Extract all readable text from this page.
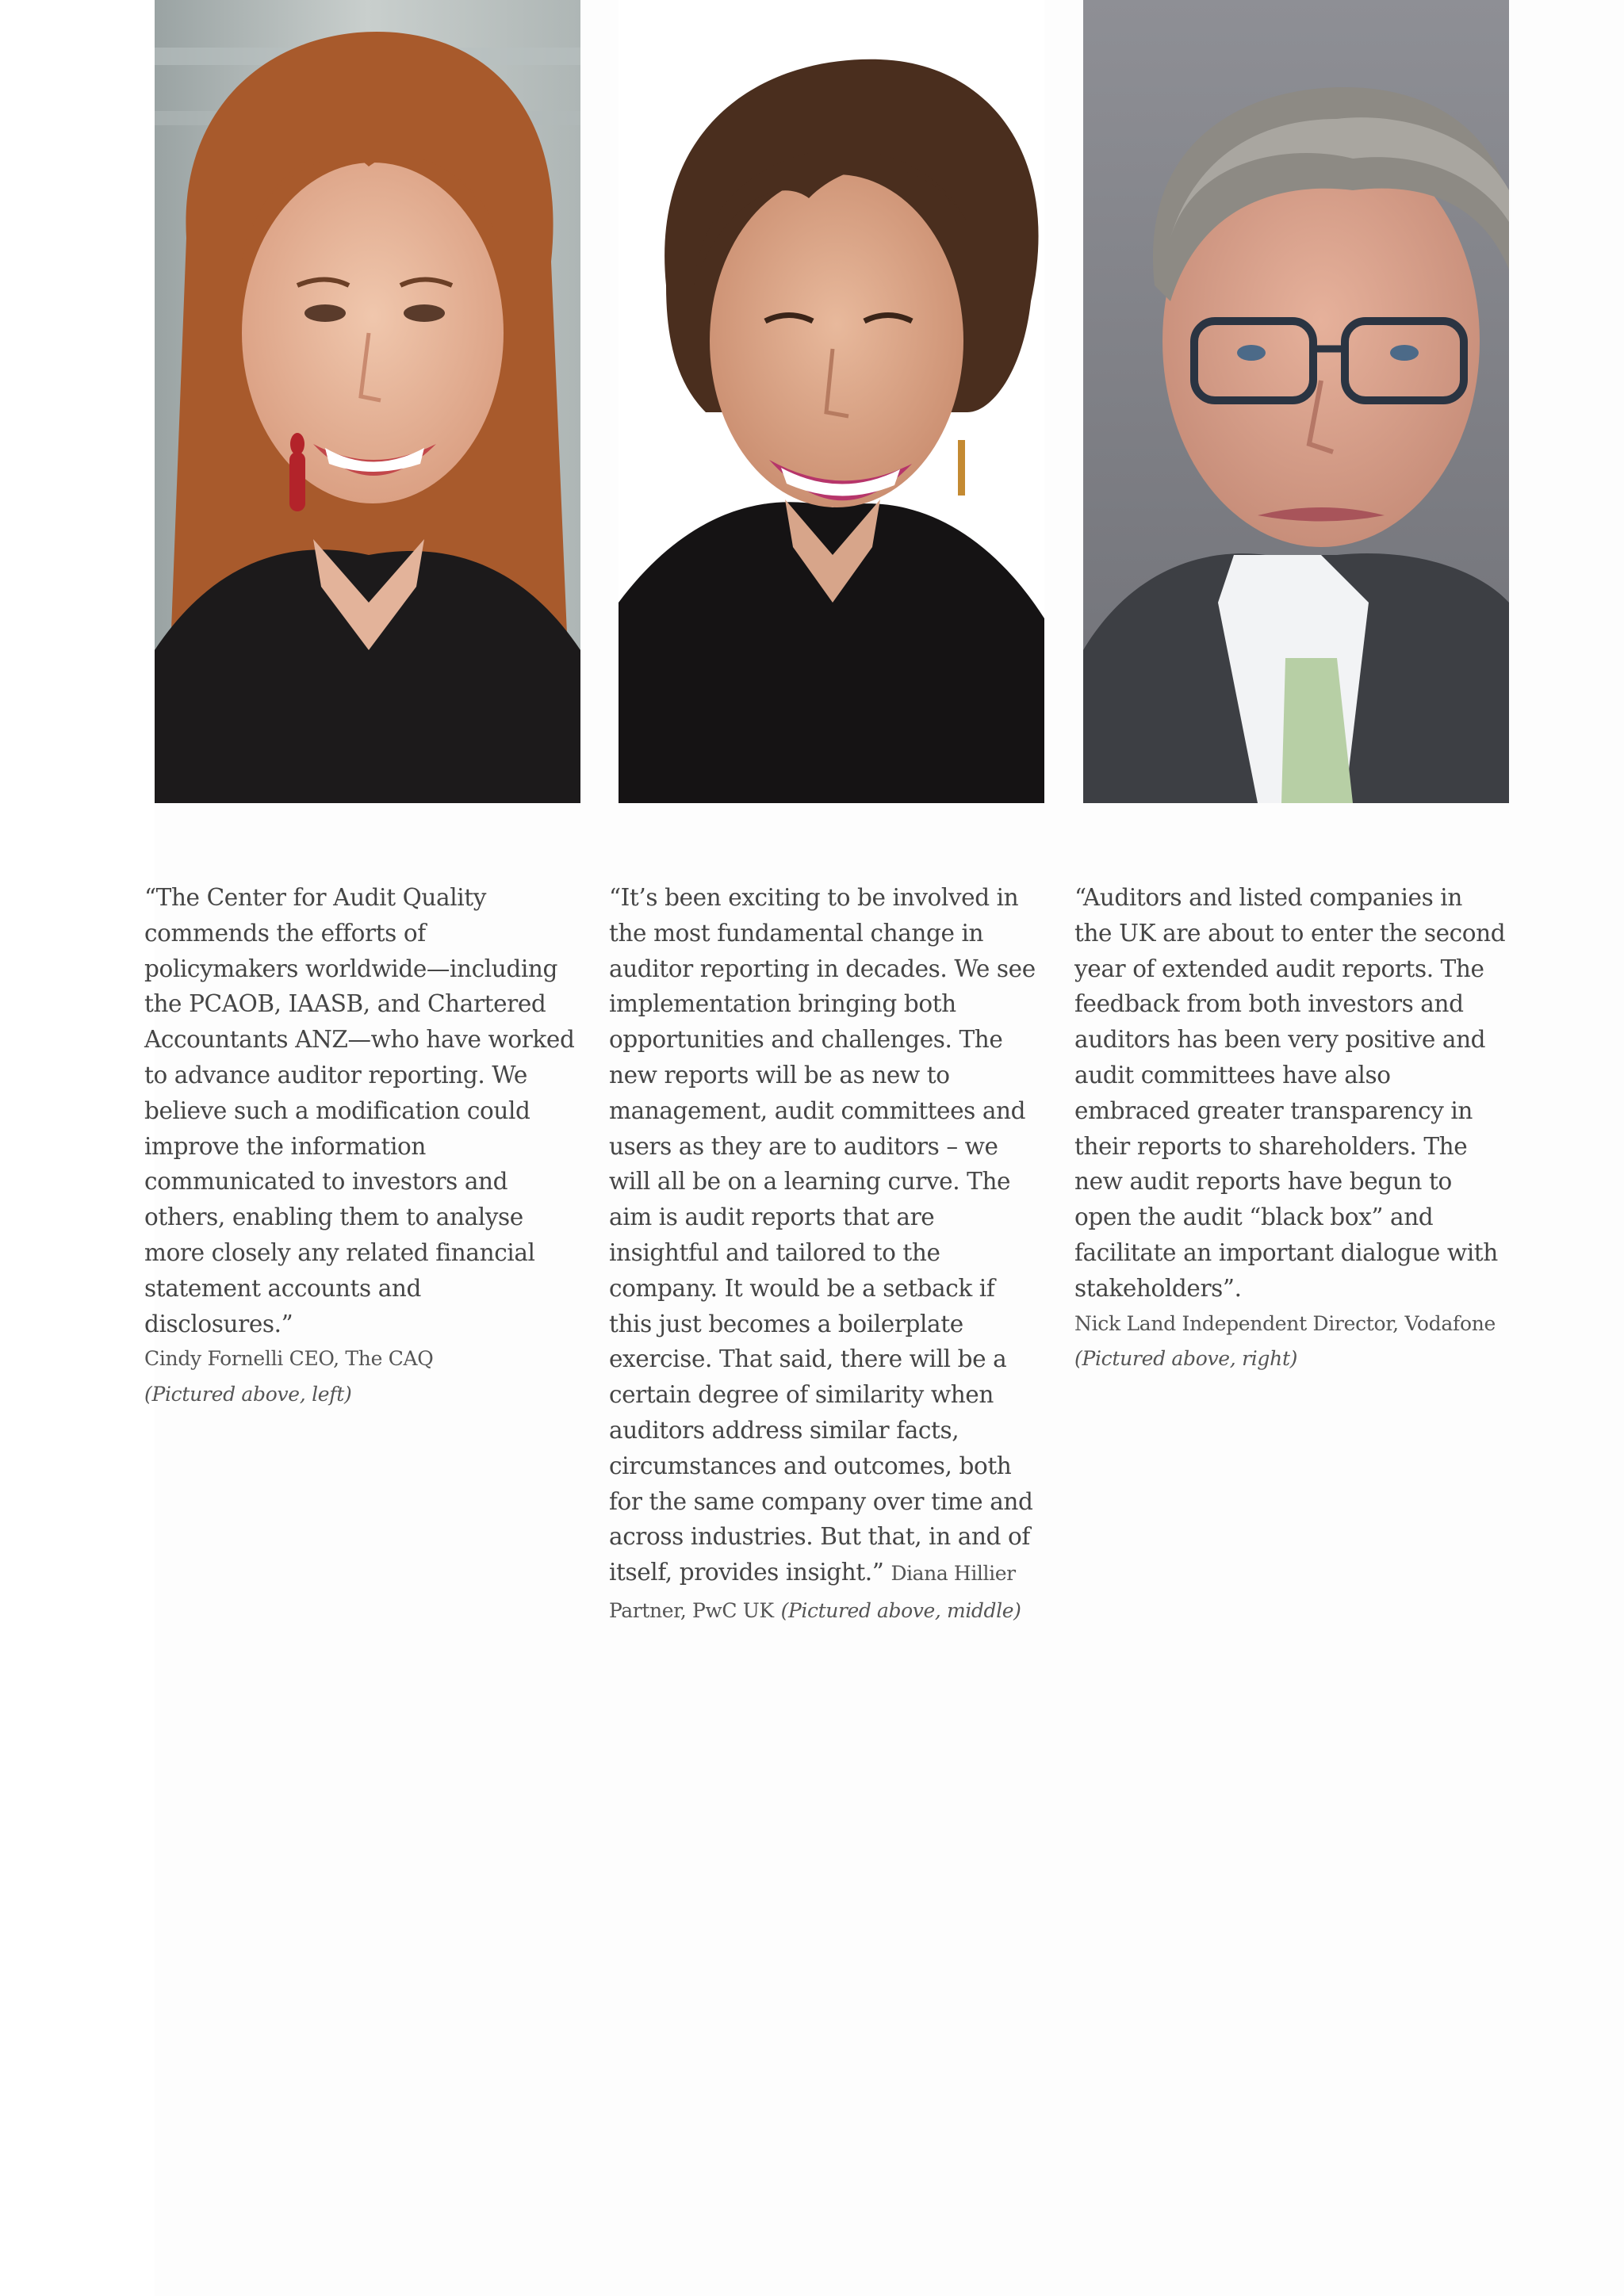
“The Center for Audit Quality commends the efforts of policymakers worldwide—including the PCAOB, IAASB, and Chartered Accountants ANZ—who have worked to advance auditor reporting. We believe such a modification could improve the information communicated to investors and others, enabling them to analyse more closely any related financial statement accounts and disclosures.”

Cindy Fornelli CEO, The CAQ

(Pictured above, left)

“It’s been exciting to be involved in the most fundamental change in auditor reporting in decades. We see implementation bringing both opportunities and challenges. The new reports will be as new to management, audit committees and users as they are to auditors – we will all be on a learning curve. The aim is audit reports that are insightful and tailored to the company. It would be a setback if this just becomes a boilerplate exercise. That said, there will be a certain degree of similarity when auditors address similar facts, circumstances and outcomes, both for the same company over time and across industries. But that, in and of itself, provides insight.” Diana Hillier Partner, PwC UK (Pictured above, middle)

“Auditors and listed companies in the UK are about to enter the second year of extended audit reports. The feedback from both investors and auditors has been very positive and audit committees have also embraced greater transparency in their reports to shareholders. The new audit reports have begun to open the audit “black box” and facilitate an important dialogue with stakeholders”.

Nick Land Independent Director, Vodafone

(Pictured above, right)
